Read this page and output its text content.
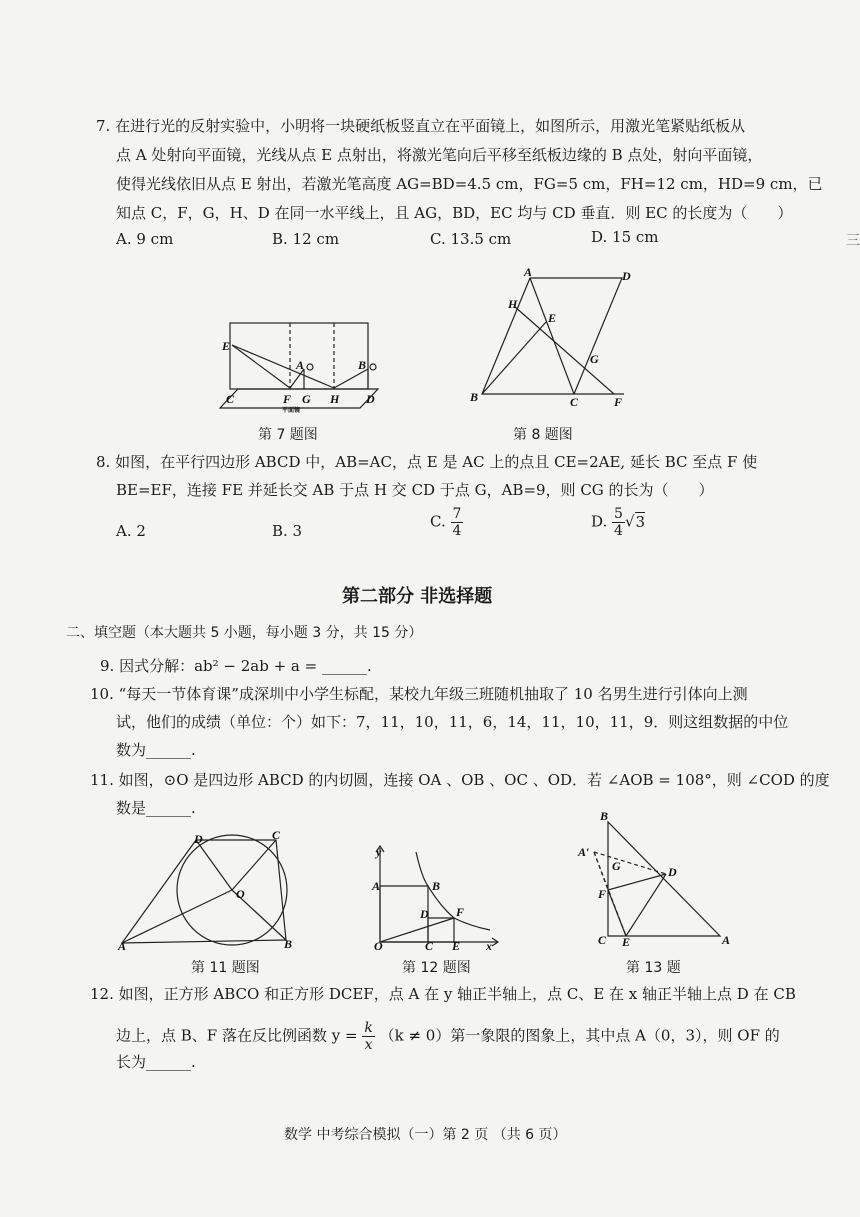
7. 在进行光的反射实验中，小明将一块硬纸板竖直立在平面镜上，如图所示，用激光笔紧贴纸板从
点 A 处射向平面镜，光线从点 E 点射出，将激光笔向后平移至纸板边缘的 B 点处，射向平面镜，
使得光线依旧从点 E 射出，若激光笔高度 AG=BD=4.5 cm，FG=5 cm，FH=12 cm，HD=9 cm，已
知点 C，F，G，H、D 在同一水平线上，且 AG，BD，EC 均与 CD 垂直．则 EC 的长度为（　　）
A. 9 cm	B. 12 cm	C. 13.5 cm	D. 15 cm	三
E
A	B
C	F G H D
平面镜
第 7 题图
A	D
H
E
G
B	C	F
第 8 题图
8. 如图，在平行四边形 ABCD 中，AB=AC，点 E 是 AC 上的点且 CE=2AE, 延长 BC 至点 F 使
BE=EF，连接 FE 并延长交 AB 于点 H 交 CD 于点 G，AB=9，则 CG 的长为（　　）
A. 2	B. 3
C. $\frac{7}{4}$	D. $\frac{5}{4} √3$
第二部分 非选择题
二、填空题（本大题共 5 小题，每小题 3 分，共 15 分）
9. 因式分解：ab² − 2ab + a = ______.
10. “每天一节体育课”成深圳中小学生标配，某校九年级三班随机抽取了 10 名男生进行引体向上测
试，他们的成绩（单位：个）如下：7，11，10，11，6，14，11，10，11，9．则这组数据的中位
数为______.
11. 如图，⊙O 是四边形 ABCD 的内切圆，连接 OA 、OB 、OC 、OD．若 ∠AOB = 108°，则 ∠COD 的度
数是______.
D	C
O
A	B
第 11 题图
y
A	B
D F
O	C E x
第 12 题图
B
A′
G	D
F
C E	A
第 13 题
12. 如图，正方形 ABCO 和正方形 DCEF，点 A 在 y 轴正半轴上，点 C、E 在 x 轴正半轴上点 D 在 CB
边上，点 B、F 落在反比例函数 $y = \frac{k}{x} (k \ne 0)$第一象限的图象上，其中点 A（0，3），则 OF 的
长为______.
数学 中考综合模拟（一）第 2 页 （共 6 页）
